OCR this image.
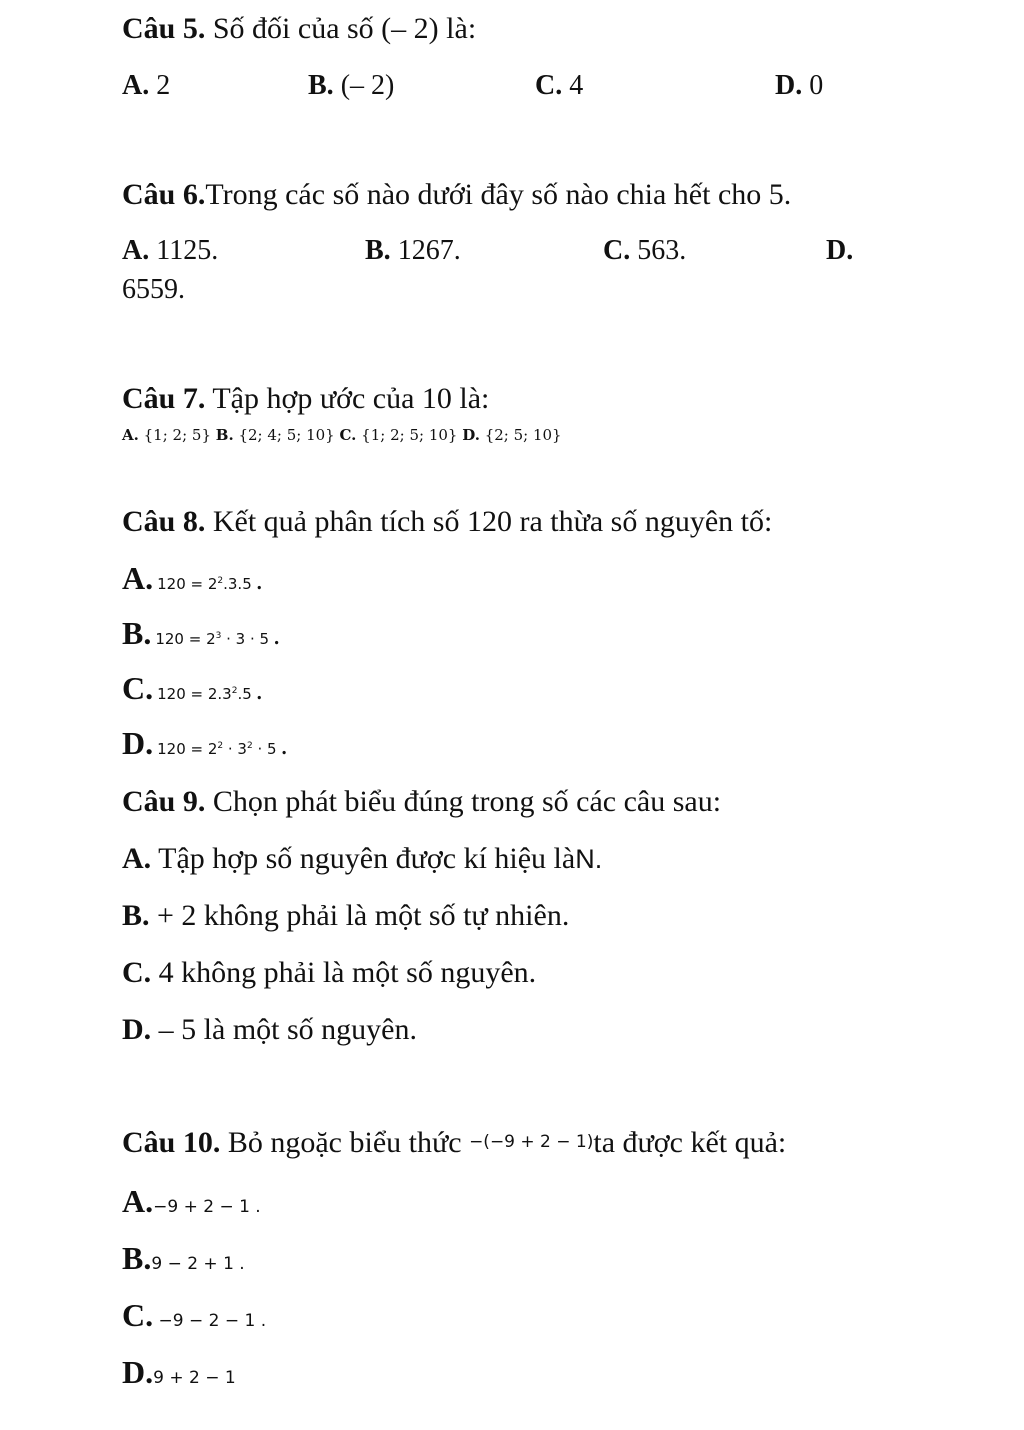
Câu 5. Số đối của số (– 2) là:
A. 2	B. (– 2)	C. 4	D. 0
Câu 6.Trong các số nào dưới đây số nào chia hết cho 5.
A. 1125.	B. 1267.	C. 563.	D.
6559.
Câu 7. Tập hợp ước của 10 là:
A. {1; 2; 5} B. {2; 4; 5; 10} C. {1; 2; 5; 10} D. {2; 5; 10}
Câu 8. Kết quả phân tích số 120 ra thừa số nguyên tố:
A. $120 = 2^2.3.5$ .
B. $120 = 2^3 \cdot 3 \cdot 5$ .
C. $120 = 2.3^2.5$ .
D. $120 = 2^2 \cdot 3^2 \cdot 5$ .
Câu 9. Chọn phát biểu đúng trong số các câu sau:
A. Tập hợp số nguyên được kí hiệu làN.
B. + 2 không phải là một số tự nhiên.
C. 4 không phải là một số nguyên.
D. – 5 là một số nguyên.
Câu 10. Bỏ ngoặc biểu thức −(−9 + 2 − 1)ta được kết quả:
A.−9 + 2 − 1 .
B.9 − 2 + 1 .
C. −9 − 2 − 1 .
D.9 + 2 − 1
